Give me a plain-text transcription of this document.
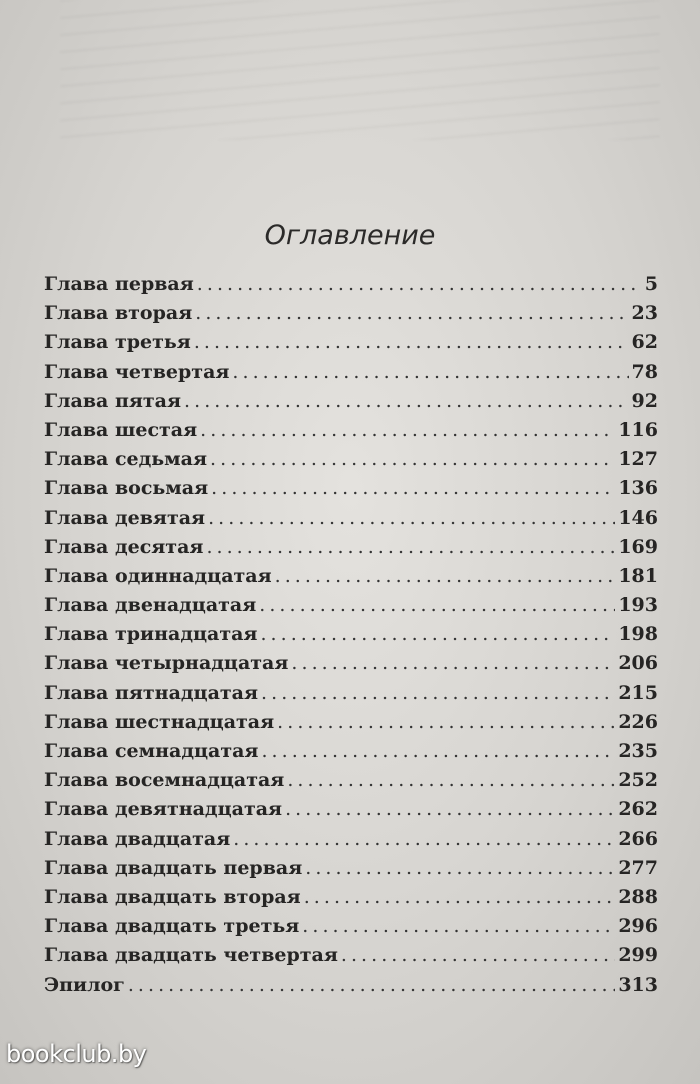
Оглавление
Глава первая . . .	5
Глава вторая . . .	23
Глава третья . . .	62
Глава четвертая . . .	78
Глава пятая . . .	92
Глава шестая . . .	116
Глава седьмая . . .	127
Глава восьмая . . .	136
Глава девятая . . .	146
Глава десятая . . .	169
Глава одиннадцатая . . .	181
Глава двенадцатая . . .	193
Глава тринадцатая . . .	198
Глава четырнадцатая . . .	206
Глава пятнадцатая . . .	215
Глава шестнадцатая . . .	226
Глава семнадцатая . . .	235
Глава восемнадцатая . . .	252
Глава девятнадцатая . . .	262
Глава двадцатая . . .	266
Глава двадцать первая . . .	277
Глава двадцать вторая . . .	288
Глава двадцать третья . . .	296
Глава двадцать четвертая . . .	299
Эпилог . . .	313
bookclub.by
